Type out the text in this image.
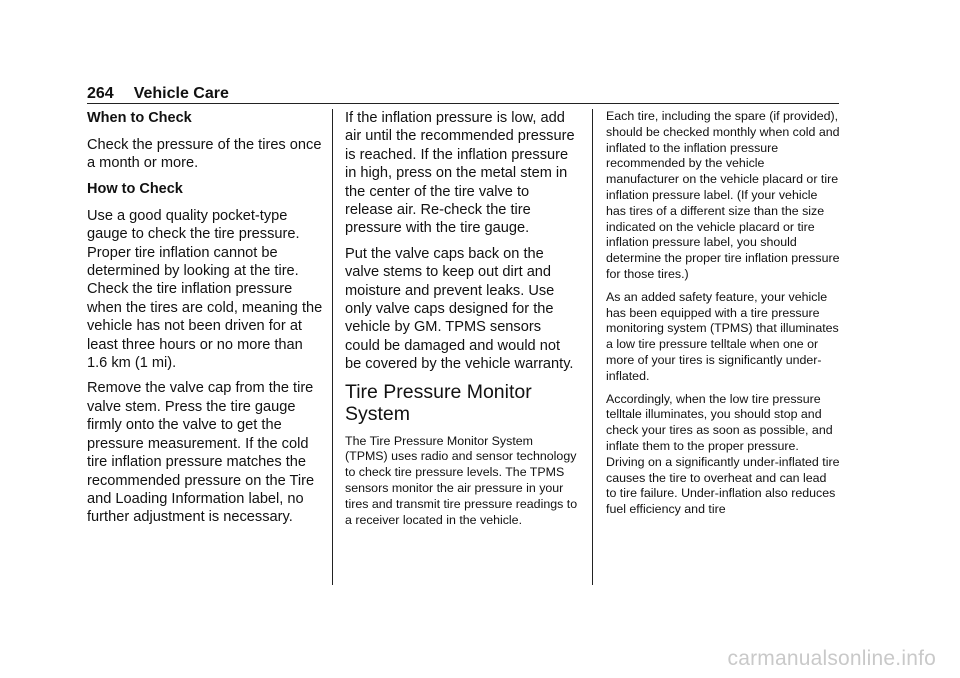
264 Vehicle Care

When to Check

Check the pressure of the tires once a month or more.

How to Check

Use a good quality pocket-type gauge to check the tire pressure. Proper tire inflation cannot be determined by looking at the tire. Check the tire inflation pressure when the tires are cold, meaning the vehicle has not been driven for at least three hours or no more than 1.6 km (1 mi).

Remove the valve cap from the tire valve stem. Press the tire gauge firmly onto the valve to get the pressure measurement. If the cold tire inflation pressure matches the recommended pressure on the Tire and Loading Information label, no further adjustment is necessary.

If the inflation pressure is low, add air until the recommended pressure is reached. If the inflation pressure in high, press on the metal stem in the center of the tire valve to release air. Re-check the tire pressure with the tire gauge.

Put the valve caps back on the valve stems to keep out dirt and moisture and prevent leaks. Use only valve caps designed for the vehicle by GM. TPMS sensors could be damaged and would not be covered by the vehicle warranty.

Tire Pressure Monitor System

The Tire Pressure Monitor System (TPMS) uses radio and sensor technology to check tire pressure levels. The TPMS sensors monitor the air pressure in your tires and transmit tire pressure readings to a receiver located in the vehicle.

Each tire, including the spare (if provided), should be checked monthly when cold and inflated to the inflation pressure recommended by the vehicle manufacturer on the vehicle placard or tire inflation pressure label. (If your vehicle has tires of a different size than the size indicated on the vehicle placard or tire inflation pressure label, you should determine the proper tire inflation pressure for those tires.)

As an added safety feature, your vehicle has been equipped with a tire pressure monitoring system (TPMS) that illuminates a low tire pressure telltale when one or more of your tires is significantly under-inflated.

Accordingly, when the low tire pressure telltale illuminates, you should stop and check your tires as soon as possible, and inflate them to the proper pressure. Driving on a significantly under-inflated tire causes the tire to overheat and can lead to tire failure. Under-inflation also reduces fuel efficiency and tire

carmanualsonline.info
